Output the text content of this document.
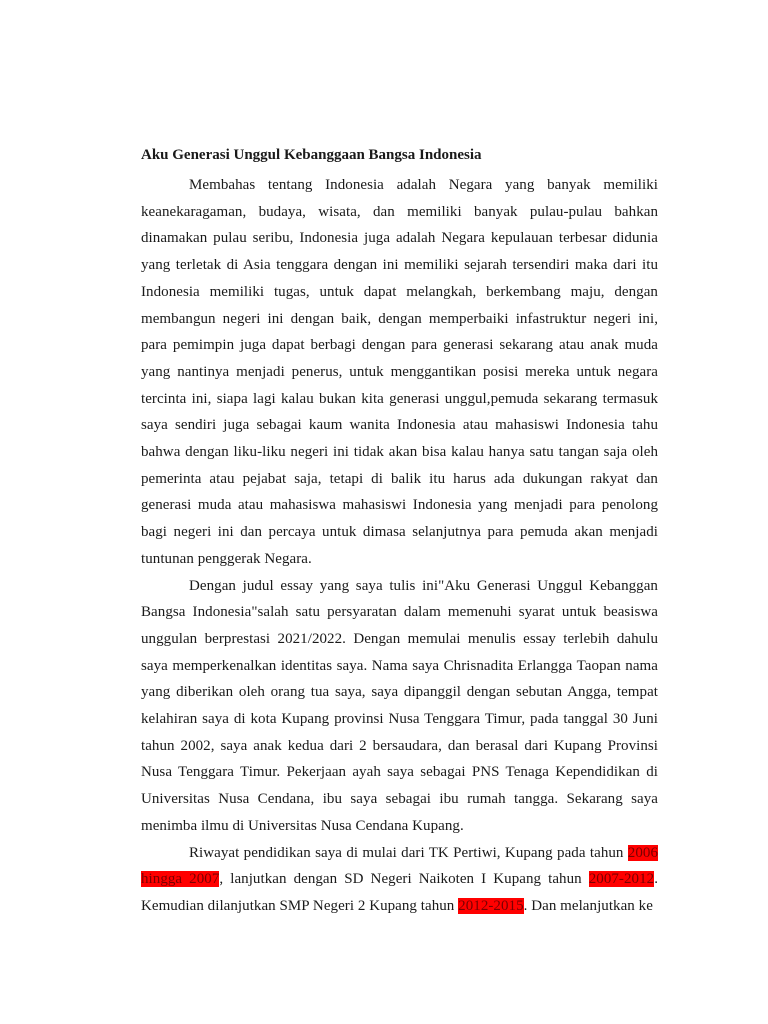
Aku Generasi Unggul Kebanggaan Bangsa Indonesia

Membahas tentang Indonesia adalah Negara yang banyak memiliki keanekaragaman, budaya, wisata, dan memiliki banyak pulau-pulau bahkan dinamakan pulau seribu, Indonesia juga adalah Negara kepulauan terbesar didunia yang terletak di Asia tenggara dengan ini memiliki sejarah tersendiri maka dari itu Indonesia memiliki tugas, untuk dapat melangkah, berkembang maju, dengan membangun negeri ini dengan baik, dengan memperbaiki infastruktur negeri ini, para pemimpin juga dapat berbagi dengan para generasi sekarang atau anak muda yang nantinya menjadi penerus, untuk menggantikan posisi mereka untuk negara tercinta ini, siapa lagi kalau bukan kita generasi unggul,pemuda sekarang termasuk saya sendiri juga sebagai kaum wanita Indonesia atau mahasiswi Indonesia tahu bahwa dengan liku-liku negeri ini tidak akan bisa kalau hanya satu tangan saja oleh pemerinta atau pejabat saja, tetapi di balik itu harus ada dukungan rakyat dan generasi muda atau mahasiswa mahasiswi Indonesia yang menjadi para penolong bagi negeri ini dan percaya untuk dimasa selanjutnya para pemuda akan menjadi tuntunan penggerak Negara.

Dengan judul essay yang saya tulis ini"Aku Generasi Unggul Kebanggan Bangsa Indonesia"salah satu persyaratan dalam memenuhi syarat untuk beasiswa unggulan berprestasi 2021/2022. Dengan memulai menulis essay terlebih dahulu saya memperkenalkan identitas saya. Nama saya Chrisnadita Erlangga Taopan nama yang diberikan oleh orang tua saya, saya dipanggil dengan sebutan Angga, tempat kelahiran saya di kota Kupang provinsi Nusa Tenggara Timur, pada tanggal 30 Juni tahun 2002, saya anak kedua dari 2 bersaudara, dan berasal dari Kupang Provinsi Nusa Tenggara Timur. Pekerjaan ayah saya sebagai PNS Tenaga Kependidikan di Universitas Nusa Cendana, ibu saya sebagai ibu rumah tangga. Sekarang saya menimba ilmu di Universitas Nusa Cendana Kupang.

Riwayat pendidikan saya di mulai dari TK Pertiwi, Kupang pada tahun 2006 hingga 2007, lanjutkan dengan SD Negeri Naikoten I Kupang tahun 2007-2012. Kemudian dilanjutkan SMP Negeri 2 Kupang tahun 2012-2015. Dan melanjutkan ke
